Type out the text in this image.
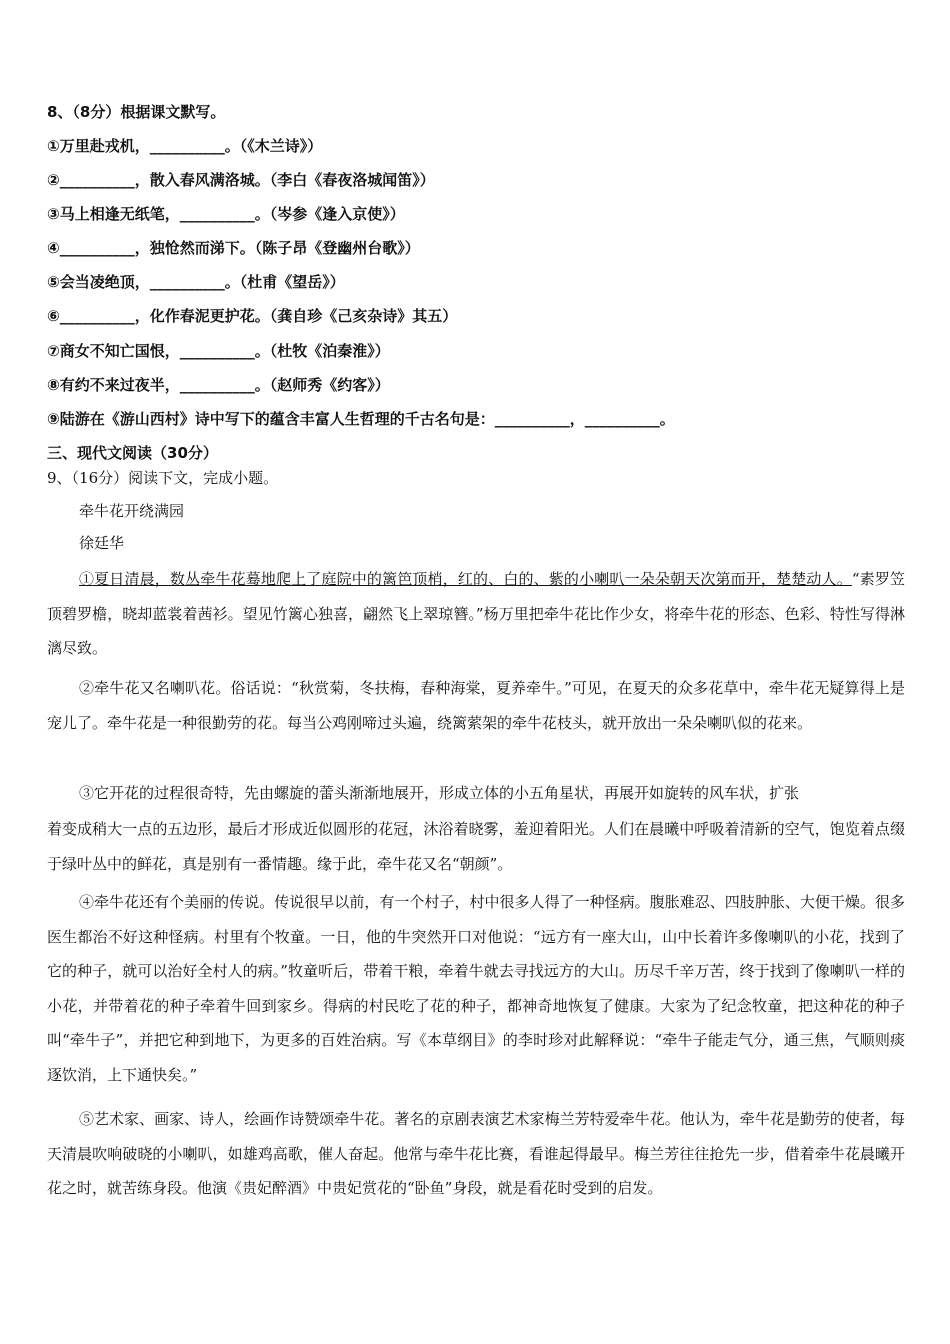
8、（8分）根据课文默写。
①万里赴戎机，__________。（《木兰诗》）
②__________，散入春风满洛城。（李白《春夜洛城闻笛》）
③马上相逢无纸笔，__________。（岑参《逢入京使》）
④__________，独怆然而涕下。（陈子昂《登幽州台歌》）
⑤会当凌绝顶，__________。（杜甫《望岳》）
⑥__________，化作春泥更护花。（龚自珍《己亥杂诗》其五）
⑦商女不知亡国恨，__________。（杜牧《泊秦淮》）
⑧有约不来过夜半，__________。（赵师秀《约客》）
⑨陆游在《游山西村》诗中写下的蕴含丰富人生哲理的千古名句是：__________，__________。
三、现代文阅读（30分）
9、（16分）阅读下文，完成小题。
牵牛花开绕满园
徐廷华
①夏日清晨，数丛牵牛花蓦地爬上了庭院中的篱笆顶梢，红的、白的、紫的小喇叭一朵朵朝天次第而开，楚楚动人。“素罗笠顶碧罗檐，晓却蓝裳着茜衫。望见竹篱心独喜，翩然飞上翠琼簪。”杨万里把牵牛花比作少女，将牵牛花的形态、色彩、特性写得淋漓尽致。
②牵牛花又名喇叭花。俗话说：“秋赏菊，冬扶梅，春种海棠，夏养牵牛。”可见，在夏天的众多花草中，牵牛花无疑算得上是宠儿了。牵牛花是一种很勤劳的花。每当公鸡刚啼过头遍，绕篱萦架的牵牛花枝头，就开放出一朵朵喇叭似的花来。
③它开花的过程很奇特，先由螺旋的蕾头渐渐地展开，形成立体的小五角星状，再展开如旋转的风车状，扩张
着变成稍大一点的五边形，最后才形成近似圆形的花冠，沐浴着晓雾，羞迎着阳光。人们在晨曦中呼吸着清新的空气，饱览着点缀于绿叶丛中的鲜花，真是别有一番情趣。缘于此，牵牛花又名“朝颜”。
④牵牛花还有个美丽的传说。传说很早以前，有一个村子，村中很多人得了一种怪病。腹胀难忍、四肢肿胀、大便干燥。很多医生都治不好这种怪病。村里有个牧童。一日，他的牛突然开口对他说：“远方有一座大山，山中长着许多像喇叭的小花，找到了它的种子，就可以治好全村人的病。”牧童听后，带着干粮，牵着牛就去寻找远方的大山。历尽千辛万苦，终于找到了像喇叭一样的小花，并带着花的种子牵着牛回到家乡。得病的村民吃了花的种子，都神奇地恢复了健康。大家为了纪念牧童，把这种花的种子叫“牵牛子”，并把它种到地下，为更多的百姓治病。写《本草纲目》的李时珍对此解释说：“牵牛子能走气分，通三焦，气顺则痰逐饮消，上下通快矣。”
⑤艺术家、画家、诗人，绘画作诗赞颂牵牛花。著名的京剧表演艺术家梅兰芳特爱牵牛花。他认为，牵牛花是勤劳的使者，每天清晨吹响破晓的小喇叭，如雄鸡高歌，催人奋起。他常与牵牛花比赛，看谁起得最早。梅兰芳往往抢先一步，借着牵牛花晨曦开花之时，就苦练身段。他演《贵妃醉酒》中贵妃赏花的“卧鱼”身段，就是看花时受到的启发。
